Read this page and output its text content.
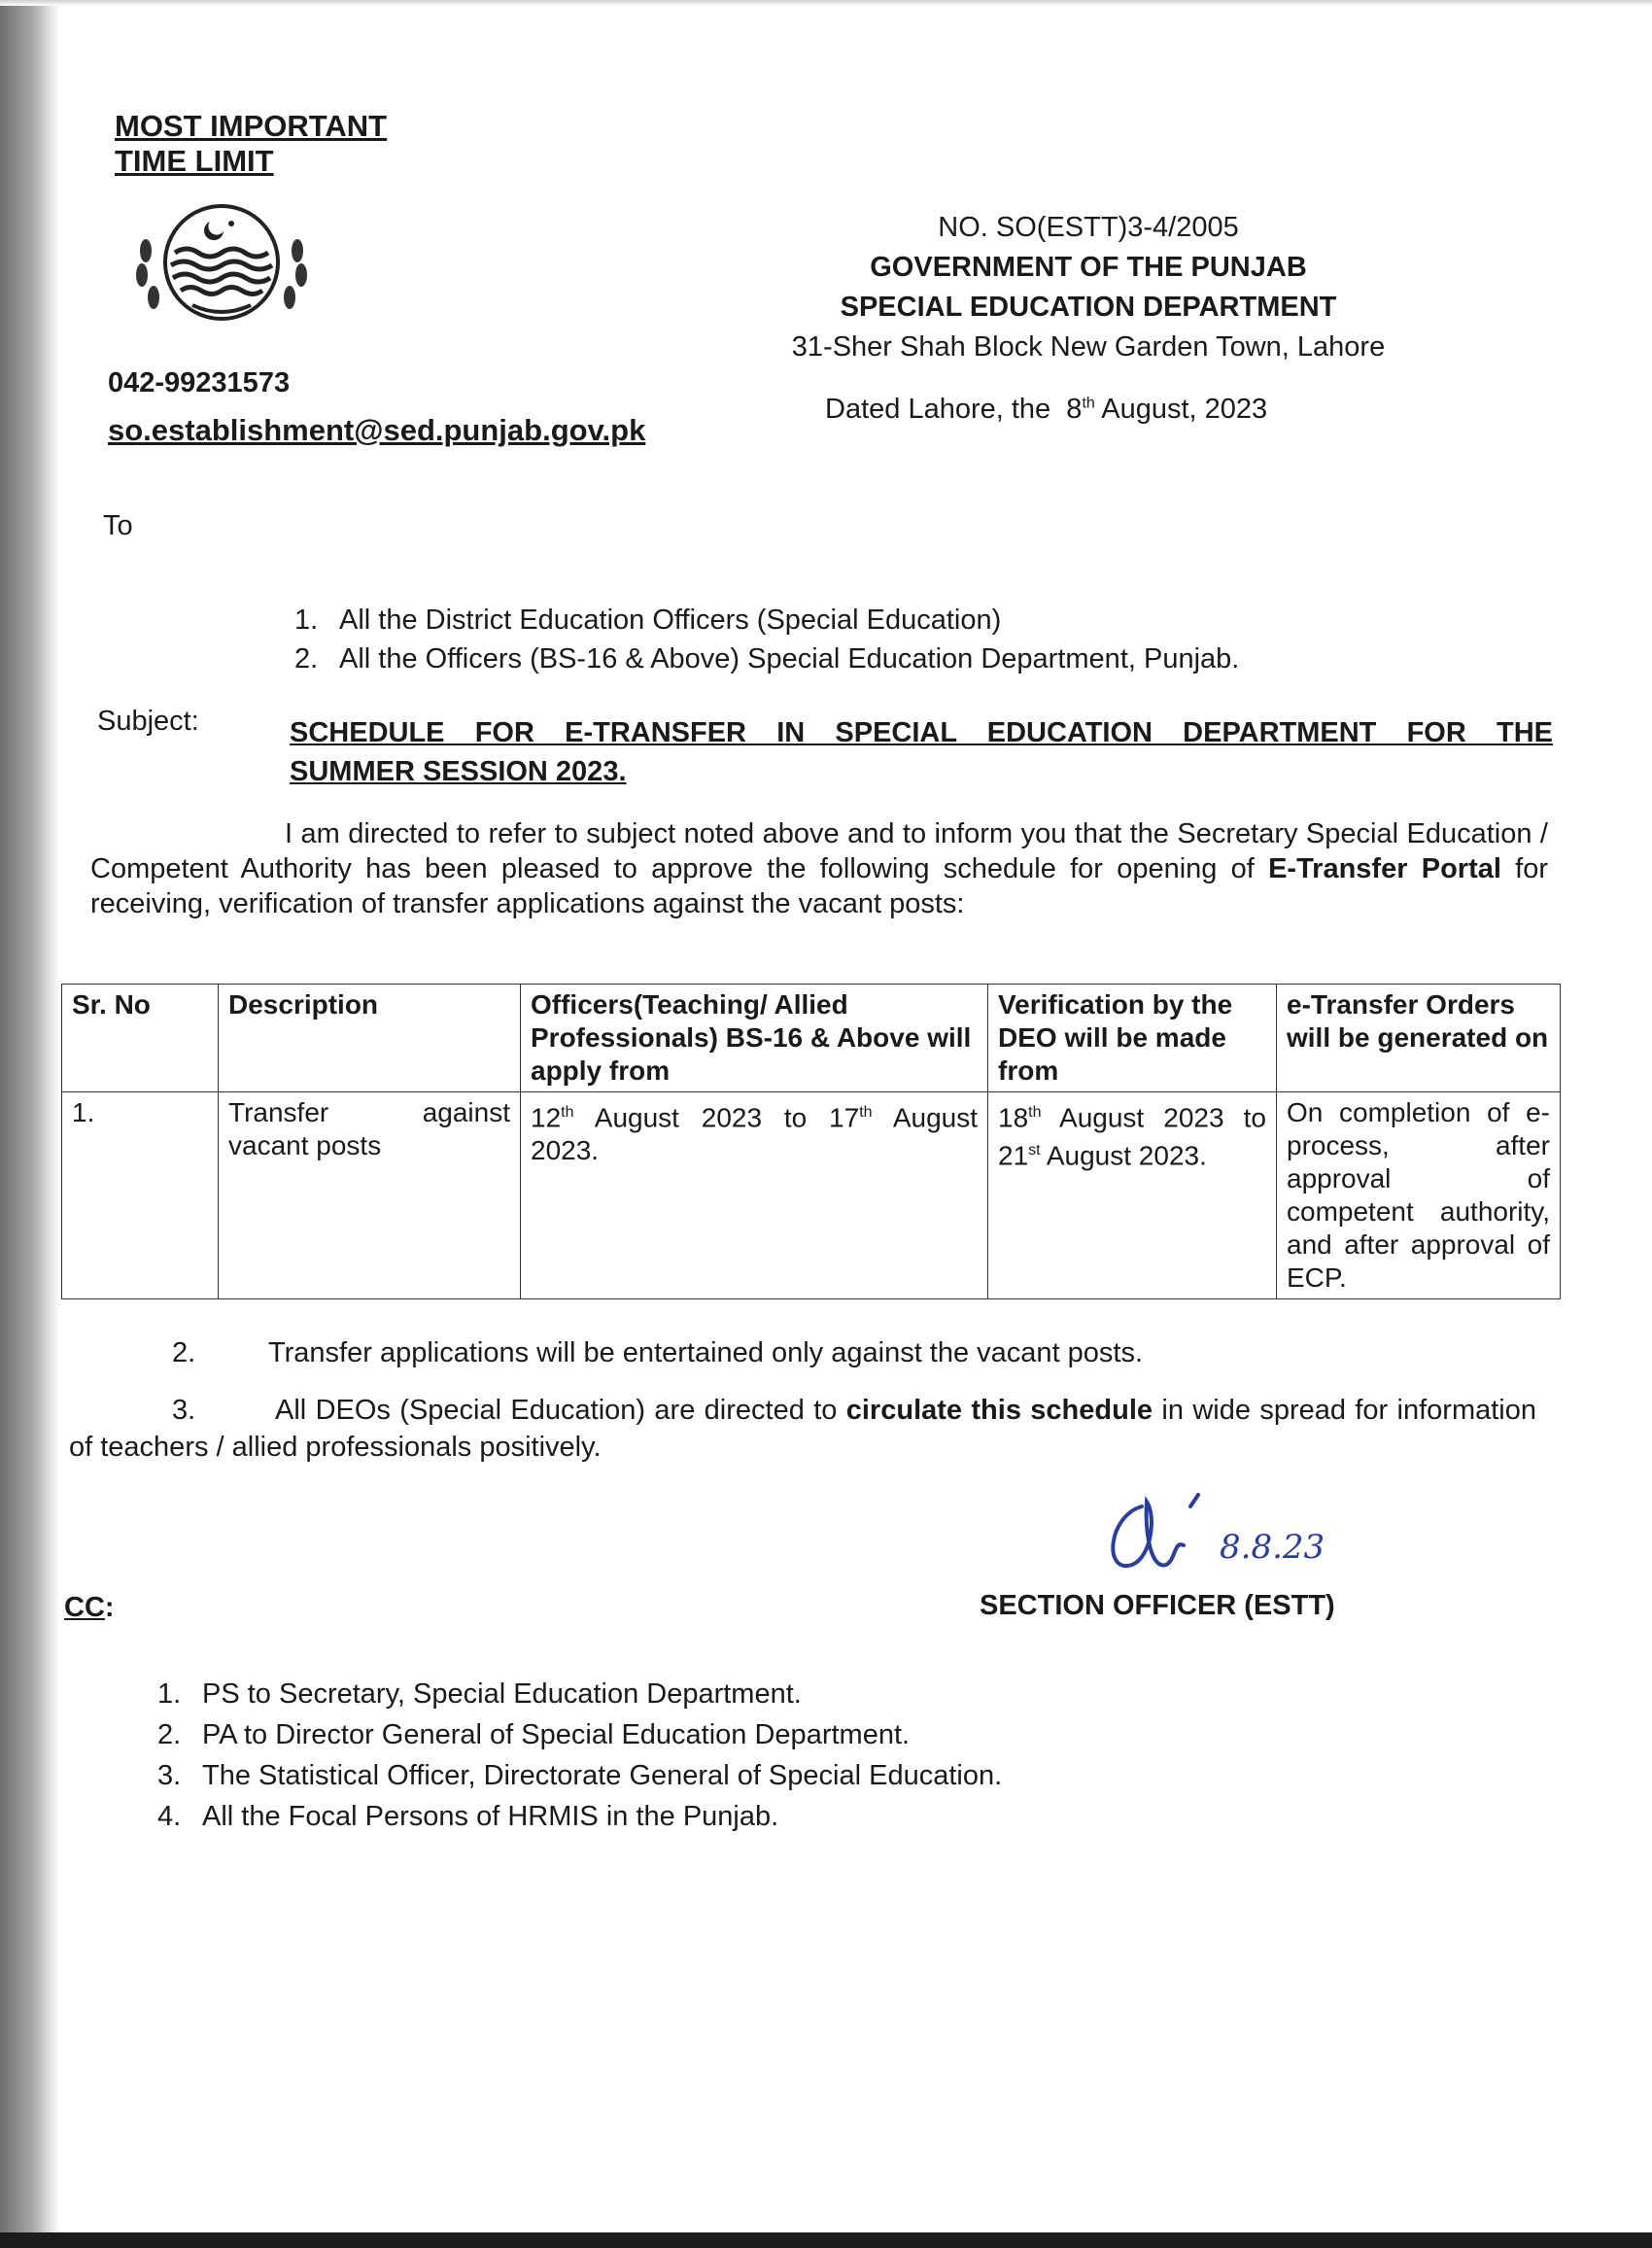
MOST IMPORTANT
TIME LIMIT
042-99231573
so.establishment@sed.punjab.gov.pk
NO. SO(ESTT)3-4/2005
GOVERNMENT OF THE PUNJAB
SPECIAL EDUCATION DEPARTMENT
31-Sher Shah Block New Garden Town, Lahore
Dated Lahore, the 8th August, 2023
To
1. All the District Education Officers (Special Education)
2. All the Officers (BS-16 & Above) Special Education Department, Punjab.
Subject:	SCHEDULE FOR E-TRANSFER IN SPECIAL EDUCATION DEPARTMENT FOR THE
SUMMER SESSION 2023.
I am directed to refer to subject noted above and to inform you that the Secretary Special Education / Competent Authority has been pleased to approve the following schedule for opening of E-Transfer Portal for receiving, verification of transfer applications against the vacant posts:
Sr. No	Description	Officers(Teaching/ Allied Professionals) BS-16 & Above will apply from	Verification by the DEO will be made from	e-Transfer Orders will be generated on
1.	Transfer against vacant posts	12th August 2023 to 17th August 2023.	18th August 2023 to 21st August 2023.	On completion of e-process, after approval of competent authority, and after approval of ECP.
2.	Transfer applications will be entertained only against the vacant posts.
3.	All DEOs (Special Education) are directed to circulate this schedule in wide spread for information of teachers / allied professionals positively.
8.8.23
SECTION OFFICER (ESTT)
CC:
1. PS to Secretary, Special Education Department.
2. PA to Director General of Special Education Department.
3. The Statistical Officer, Directorate General of Special Education.
4. All the Focal Persons of HRMIS in the Punjab.
